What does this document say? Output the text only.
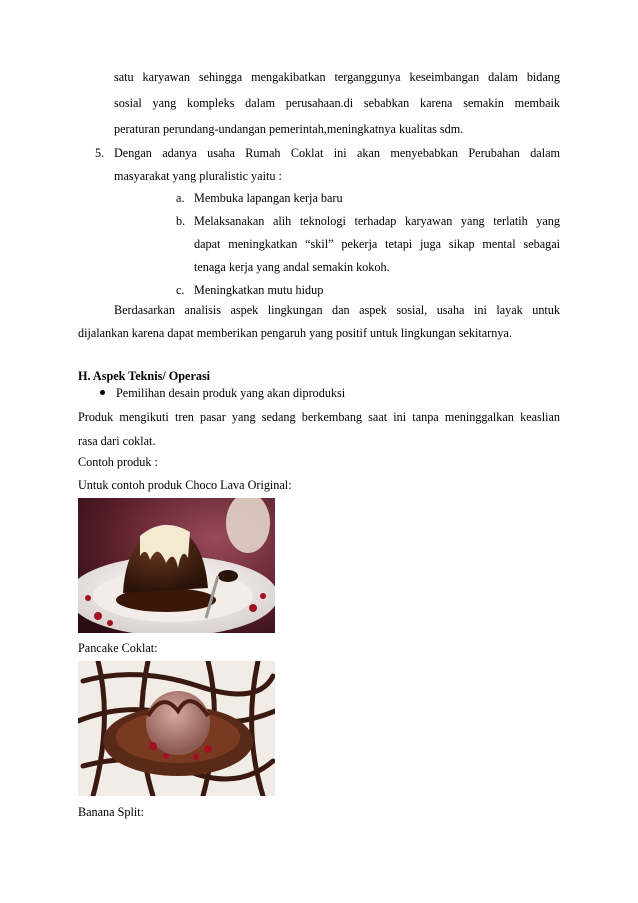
satu karyawan sehingga mengakibatkan terganggunya keseimbangan dalam bidang
sosial yang kompleks dalam perusahaan.di sebabkan karena semakin membaik
peraturan perundang-undangan pemerintah,meningkatnya kualitas sdm.
5. Dengan adanya usaha Rumah Coklat ini akan menyebabkan Perubahan dalam
masyarakat yang pluralistic yaitu :
a. Membuka lapangan kerja baru
b. Melaksanakan alih teknologi terhadap karyawan yang terlatih yang
dapat meningkatkan “skil” pekerja tetapi juga sikap mental sebagai
tenaga kerja yang andal semakin kokoh.
c. Meningkatkan mutu hidup
Berdasarkan analisis aspek lingkungan dan aspek sosial, usaha ini layak untuk
dijalankan karena dapat memberikan pengaruh yang positif untuk lingkungan sekitarnya.
H. Aspek Teknis/ Operasi
Pemilihan desain produk yang akan diproduksi
Produk mengikuti tren pasar yang sedang berkembang saat ini tanpa meninggalkan keaslian
rasa dari coklat.
Contoh produk :
Untuk contoh produk Choco Lava Original:
Pancake Coklat:
Banana Split:
